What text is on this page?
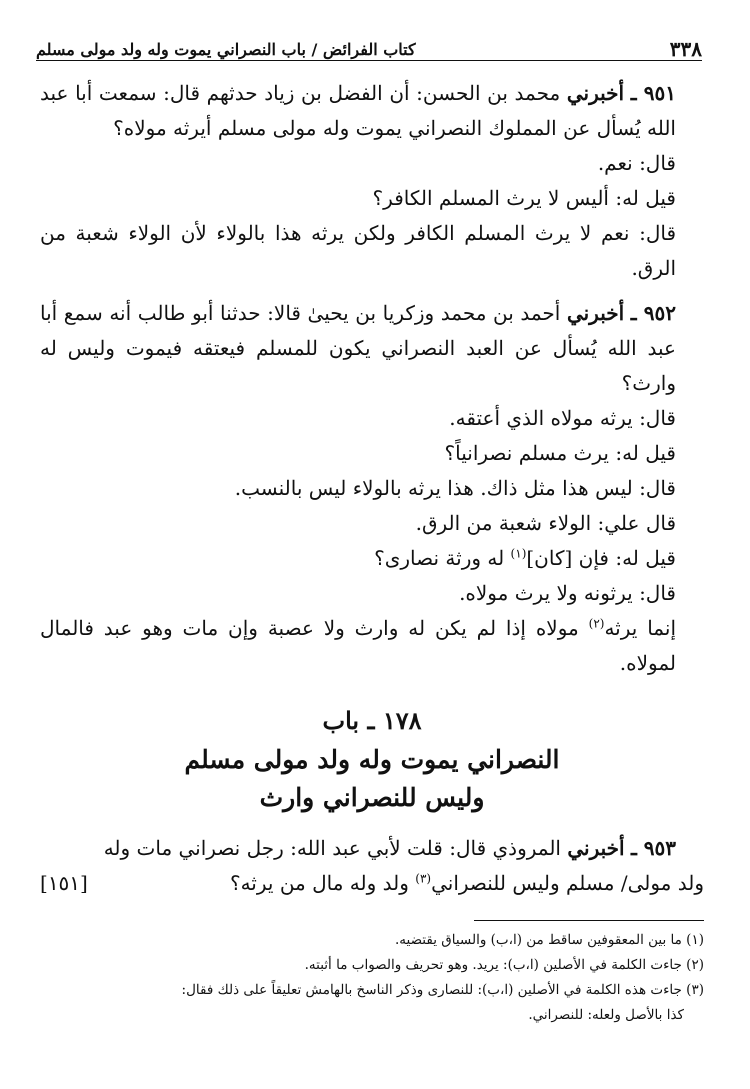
٣٣٨
كتاب الفرائض / باب النصراني يموت وله ولد مولى مسلم

٩٥١ ـ أخبرني محمد بن الحسن: أن الفضل بن زياد حدثهم قال: سمعت أبا عبد الله يُسأل عن المملوك النصراني يموت وله مولى مسلم أيرثه مولاه؟

قال: نعم.

قيل له: أليس لا يرث المسلم الكافر؟

قال: نعم لا يرث المسلم الكافر ولكن يرثه هذا بالولاء لأن الولاء شعبة من الرق.

٩٥٢ ـ أخبرني أحمد بن محمد وزكريا بن يحيىٰ قالا: حدثنا أبو طالب أنه سمع أبا عبد الله يُسأل عن العبد النصراني يكون للمسلم فيعتقه فيموت وليس له وارث؟

قال: يرثه مولاه الذي أعتقه.

قيل له: يرث مسلم نصرانياً؟

قال: ليس هذا مثل ذاك. هذا يرثه بالولاء ليس بالنسب.

قال علي: الولاء شعبة من الرق.

قيل له: فإن [كان]$^{(١)}$ له ورثة نصارى؟

قال: يرثونه ولا يرث مولاه.

إنما يرثه$^{(٢)}$ مولاه إذا لم يكن له وارث ولا عصبة وإن مات وهو عبد فالمال لمولاه.

١٧٨ ـ باب
النصراني يموت وله ولد مولى مسلم
وليس للنصراني وارث

٩٥٣ ـ أخبرني المروذي قال: قلت لأبي عبد الله: رجل نصراني مات وله

ولد مولى/ مسلم وليس للنصراني$^{(٣)}$ ولد وله مال من يرثه؟
[١٥١]

(١) ما بين المعقوفين ساقط من (ا،ب) والسياق يقتضيه.

(٢) جاءت الكلمة في الأصلين (ا،ب): يريد. وهو تحريف والصواب ما أثبته.

(٣) جاءت هذه الكلمة في الأصلين (ا،ب): للنصارى وذكر الناسخ بالهامش تعليقاً على ذلك فقال:

كذا بالأصل ولعله: للنصراني.
